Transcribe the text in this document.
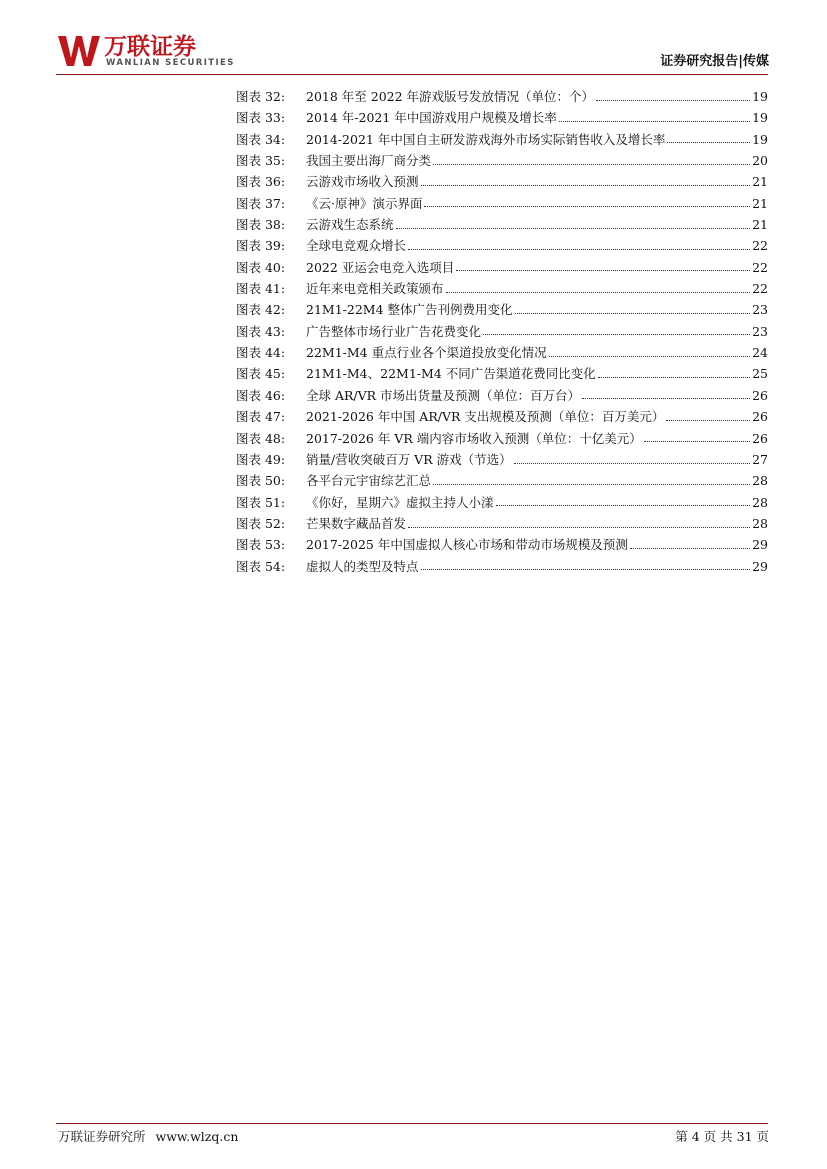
万联证券
WANLIAN SECURITIES	证券研究报告|传媒
图表 32:	2018 年至 2022 年游戏版号发放情况（单位：个）	19
图表 33:	2014 年-2021 年中国游戏用户规模及增长率	19
图表 34:	2014-2021 年中国自主研发游戏海外市场实际销售收入及增长率	19
图表 35:	我国主要出海厂商分类	20
图表 36:	云游戏市场收入预测	21
图表 37:	《云·原神》演示界面	21
图表 38:	云游戏生态系统	21
图表 39:	全球电竞观众增长	22
图表 40:	2022 亚运会电竞入选项目	22
图表 41:	近年来电竞相关政策颁布	22
图表 42:	21M1-22M4 整体广告刊例费用变化	23
图表 43:	广告整体市场行业广告花费变化	23
图表 44:	22M1-M4 重点行业各个渠道投放变化情况	24
图表 45:	21M1-M4、22M1-M4 不同广告渠道花费同比变化	25
图表 46:	全球 AR/VR 市场出货量及预测（单位：百万台）	26
图表 47:	2021-2026 年中国 AR/VR 支出规模及预测（单位：百万美元）	26
图表 48:	2017-2026 年 VR 端内容市场收入预测（单位：十亿美元）	26
图表 49:	销量/营收突破百万 VR 游戏（节选）	27
图表 50:	各平台元宇宙综艺汇总	28
图表 51:	《你好，星期六》虚拟主持人小漾	28
图表 52:	芒果数字藏品首发	28
图表 53:	2017-2025 年中国虚拟人核心市场和带动市场规模及预测	29
图表 54:	虚拟人的类型及特点	29
万联证券研究所 www.wlzq.cn	第 4 页 共 31 页
